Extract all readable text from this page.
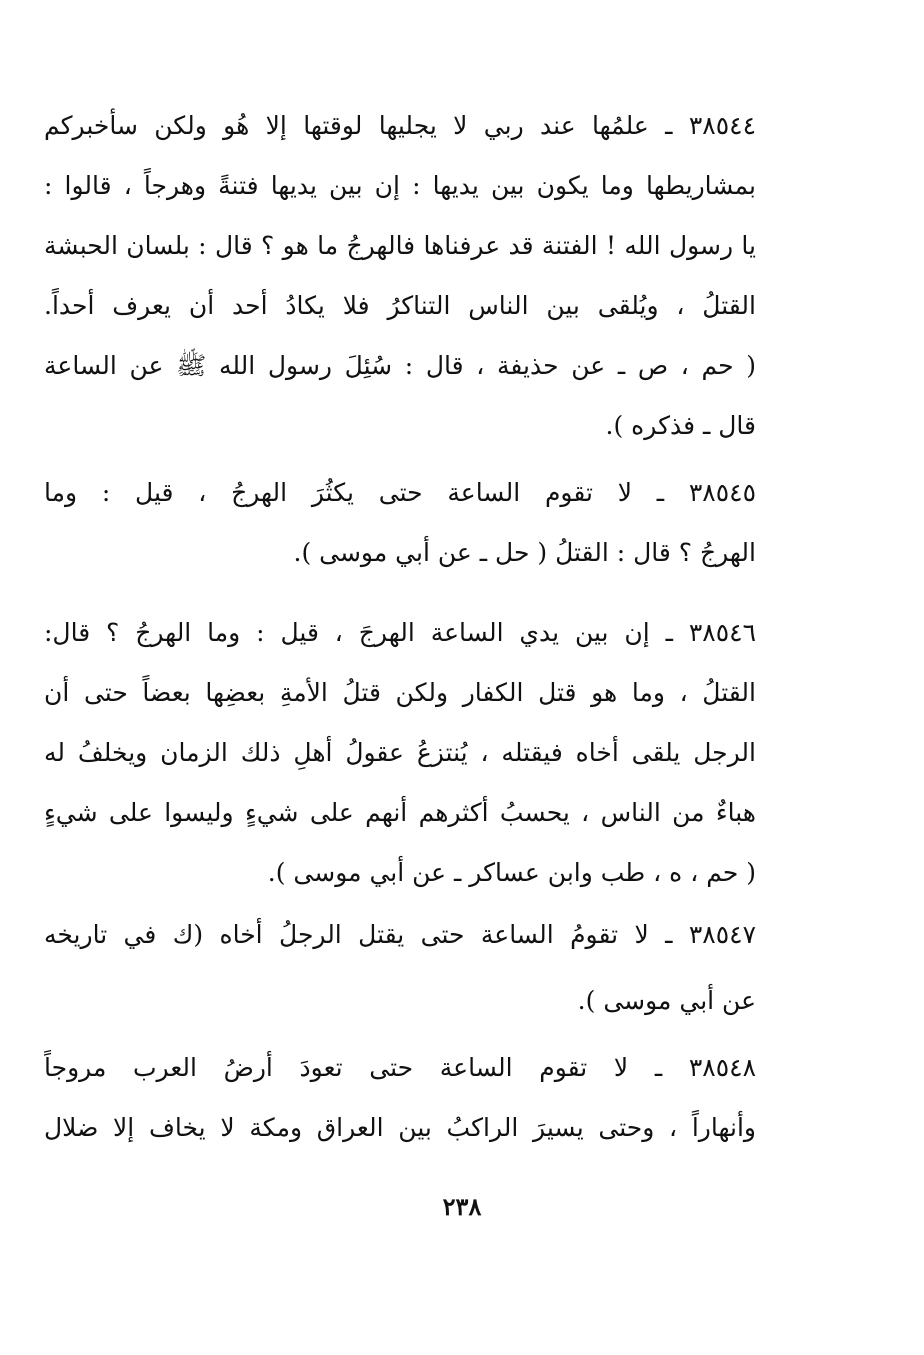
٣٨٥٤٤ ـ علمُها عند ربي لا يجليها لوقتها إلا هُو ولكن سأخبركم
بمشاريطها وما يكون بين يديها : إن بين يديها فتنةً وهرجاً ، قالوا :
يا رسول الله ! الفتنة قد عرفناها فالهرجُ ما هو ؟ قال : بلسان الحبشة
القتلُ ، ويُلقى بين الناس التناكرُ فلا يكادُ أحد أن يعرف أحداً.
( حم ، ص ـ عن حذيفة ، قال : سُئِلَ رسول الله ﷺ عن الساعة
قال ـ فذكره ).
٣٨٥٤٥ ـ لا تقوم الساعة حتى يكثُرَ الهرجُ ، قيل : وما
الهرجُ ؟ قال : القتلُ ( حل ـ عن أبي موسى ).
٣٨٥٤٦ ـ إن بين يدي الساعة الهرجَ ، قيل : وما الهرجُ ؟ قال:
القتلُ ، وما هو قتل الكفار ولكن قتلُ الأمةِ بعضِها بعضاً حتى أن
الرجل يلقى أخاه فيقتله ، يُنتزعُ عقولُ أهلِ ذلك الزمان ويخلفُ له
هباءٌ من الناس ، يحسبُ أكثرهم أنهم على شيءٍ وليسوا على شيءٍ
( حم ، ه ، طب وابن عساكر ـ عن أبي موسى ).
٣٨٥٤٧ ـ لا تقومُ الساعة حتى يقتل الرجلُ أخاه (ك في تاريخه
عن أبي موسى ).
٣٨٥٤٨ ـ لا تقوم الساعة حتى تعودَ أرضُ العرب مروجاً
وأنهاراً ، وحتى يسيرَ الراكبُ بين العراق ومكة لا يخاف إلا ضلال
٢٣٨
